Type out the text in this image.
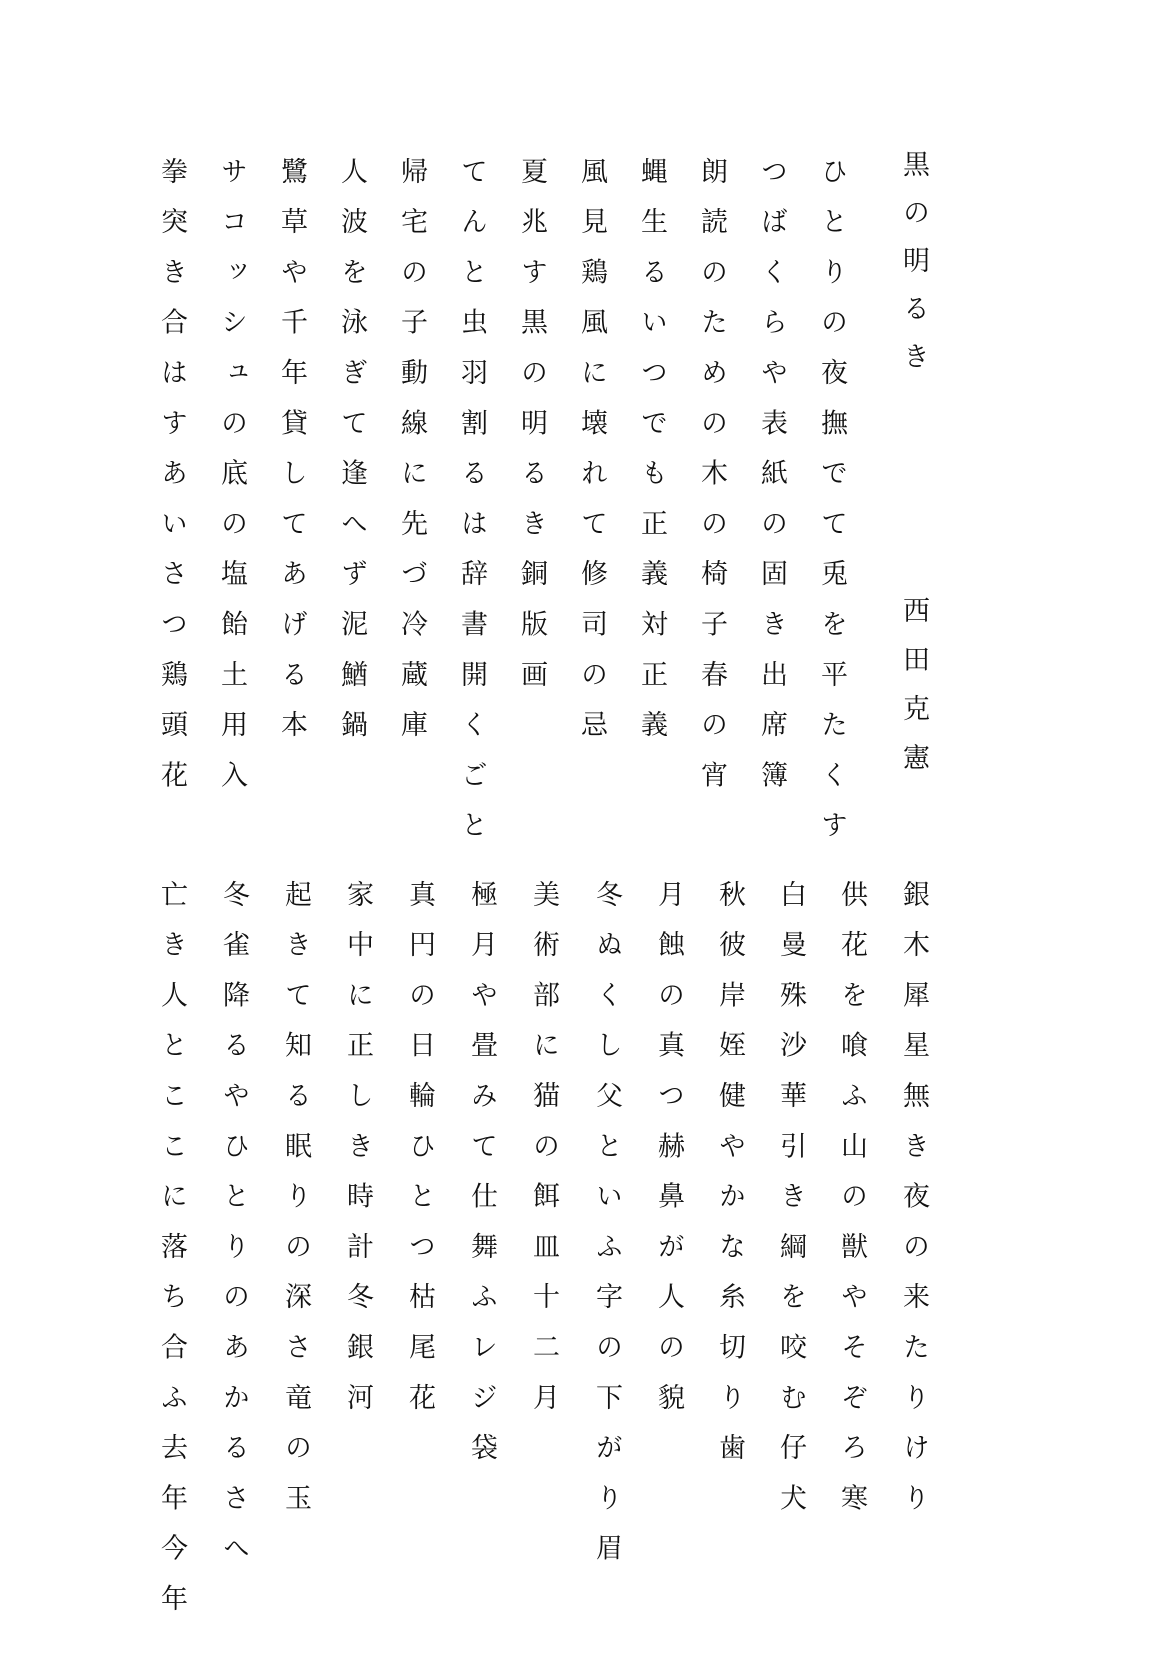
黒の明るき
西田克憲
ひとりの夜撫でて兎を平たくす
つばくらや表紙の固き出席簿
朗読のための木の椅子春の宵
蝿生るいつでも正義対正義
風見鶏風に壊れて修司の忌
夏兆す黒の明るき銅版画
てんと虫羽割るは辞書開くごと
帰宅の子動線に先づ冷蔵庫
人波を泳ぎて逢へず泥鰌鍋
鷺草や千年貸してあげる本
サコッシュの底の塩飴土用入
拳突き合はすあいさつ鶏頭花
銀木犀星無き夜の来たりけり
供花を喰ふ山の獣やそぞろ寒
白曼殊沙華引き綱を咬む仔犬
秋彼岸姪健やかな糸切り歯
月蝕の真つ赫鼻が人の貌
冬ぬくし父といふ字の下がり眉
美術部に猫の餌皿十二月
極月や畳みて仕舞ふレジ袋
真円の日輪ひとつ枯尾花
家中に正しき時計冬銀河
起きて知る眠りの深さ竜の玉
冬雀降るやひとりのあかるさへ
亡き人とここに落ち合ふ去年今年
